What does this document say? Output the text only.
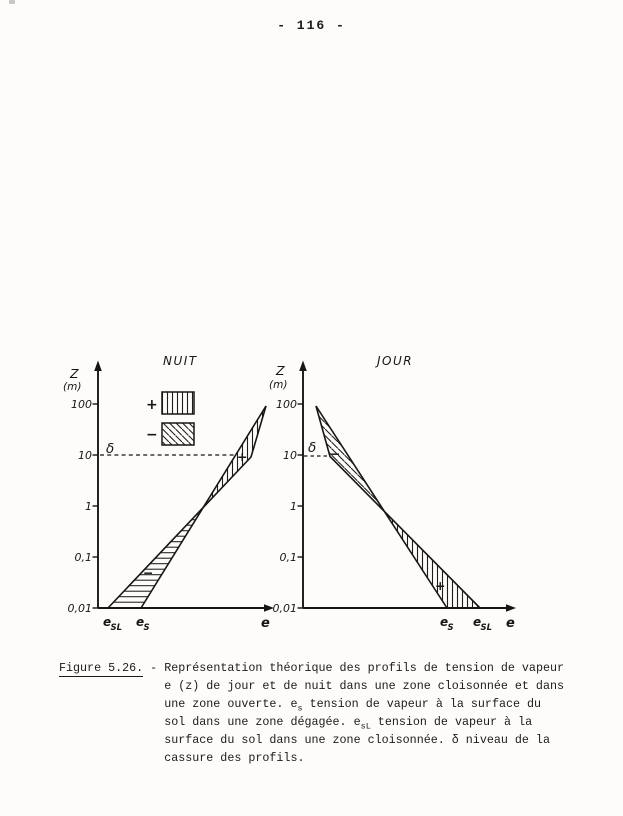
- 116 -
+
−
Z
(m)
NUIT
100
10
1
0,1
0,01
δ	+
−
e SL e S	e
Z
(m)
JOUR
100
10
1
0,1
0,01
δ −
+
e S e SL e
Figure 5.26. - Représentation théorique des profils de tension de vapeur
e (z) de jour et de nuit dans une zone cloisonnée et dans
une zone ouverte. $e_s$ tension de vapeur à la surface du
sol dans une zone dégagée. $e_{sL}$ tension de vapeur à la
surface du sol dans une zone cloisonnée. δ niveau de la
cassure des profils.
